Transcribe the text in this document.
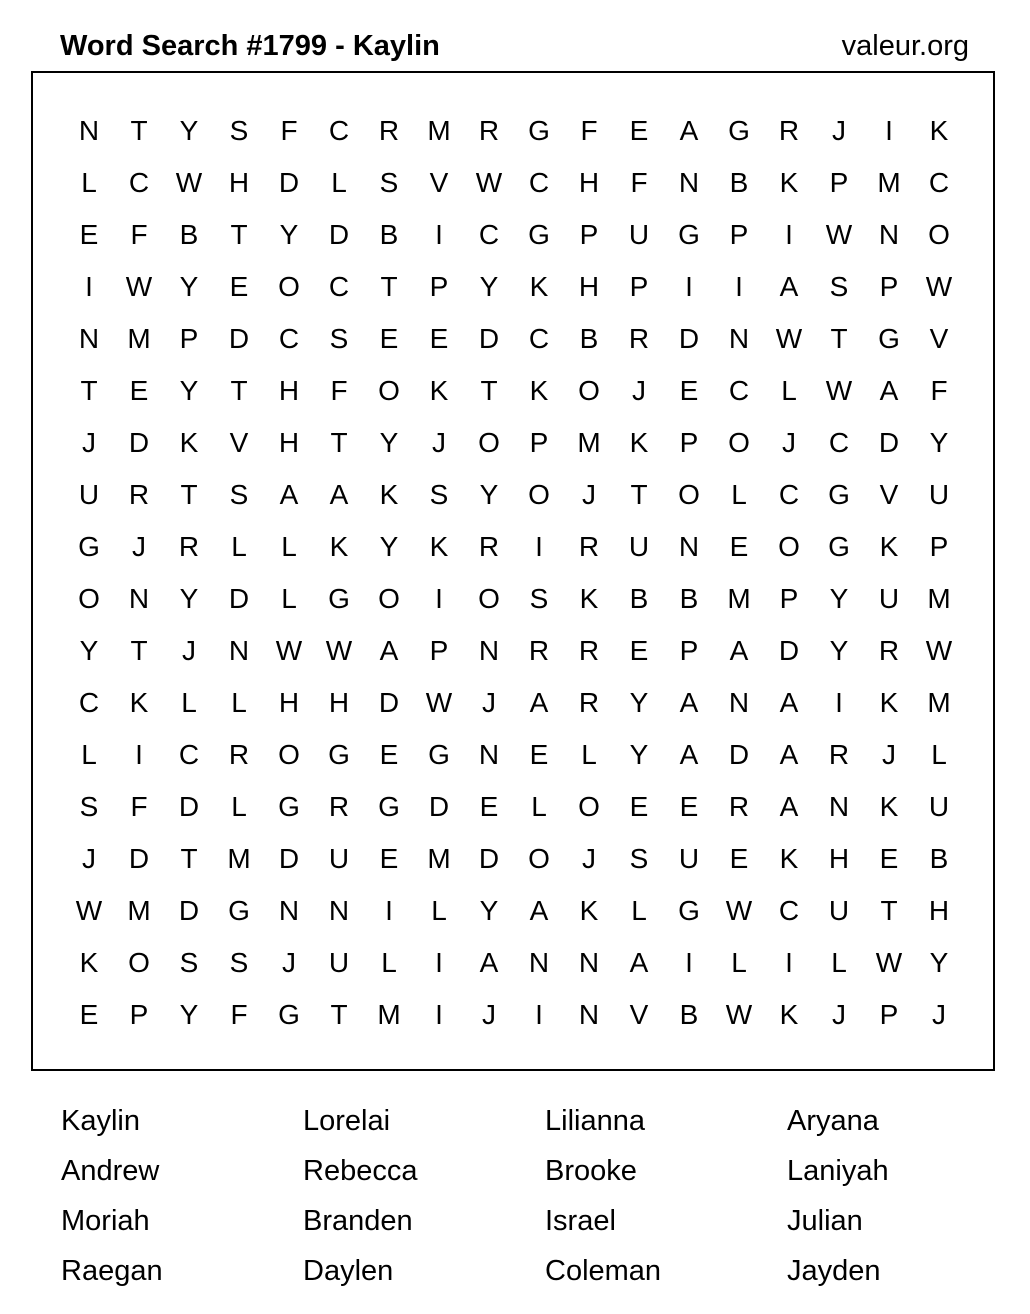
Word Search #1799 - Kaylin	valeur.org
N	T	Y	S	F	C	R	M	R	G	F	E	A	G	R	J	I	K
L	C W H	D	L	S	V W C	H	F	N	B	K	P	M	C
E	F	B	T	Y	D	B	I	C	G	P	U	G	P	I	W N	O
I	W Y	E	O	C	T	P	Y	K	H	P	I	I	A	S	P W
N	M	P	D	C	S	E	E	D	C	B	R	D	N W	T	G	V
T	E	Y	T	H	F	O	K	T	K	O	J	E	C	L	W A	F
J	D	K	V	H	T	Y	J	O	P	M	K	P	O	J	C	D	Y
U	R	T	S	A	A	K	S	Y	O	J	T	O	L	C	G	V	U
G	J	R	L	L	K	Y	K	R	I	R	U	N	E	O	G	K	P
O	N	Y	D	L	G	O	I	O	S	K	B	B	M	P	Y	U	M
Y	T	J	N W W A	P	N	R	R	E	P	A	D	Y	R W
C	K	L	L	H	H	D W	J	A	R	Y	A	N	A	I	K	M
L	I	C	R	O	G	E	G	N	E	L	Y	A	D	A	R	J	L
S	F	D	L	G	R	G	D	E	L	O	E	E	R	A	N	K	U
J	D	T	M	D	U	E	M	D	O	J	S	U	E	K	H	E	B
W M	D	G	N	N	I	L	Y	A	K	L	G W C	U	T	H
K	O	S	S	J	U	L	I	A	N	N	A	I	L	I	L	W Y
E	P	Y	F	G	T	M	I	J	I	N	V	B W K	J	P	J
Kaylin	Lorelai	Lilianna	Aryana
Andrew	Rebecca	Brooke	Laniyah
Moriah	Branden	Israel	Julian
Raegan	Daylen	Coleman	Jayden
